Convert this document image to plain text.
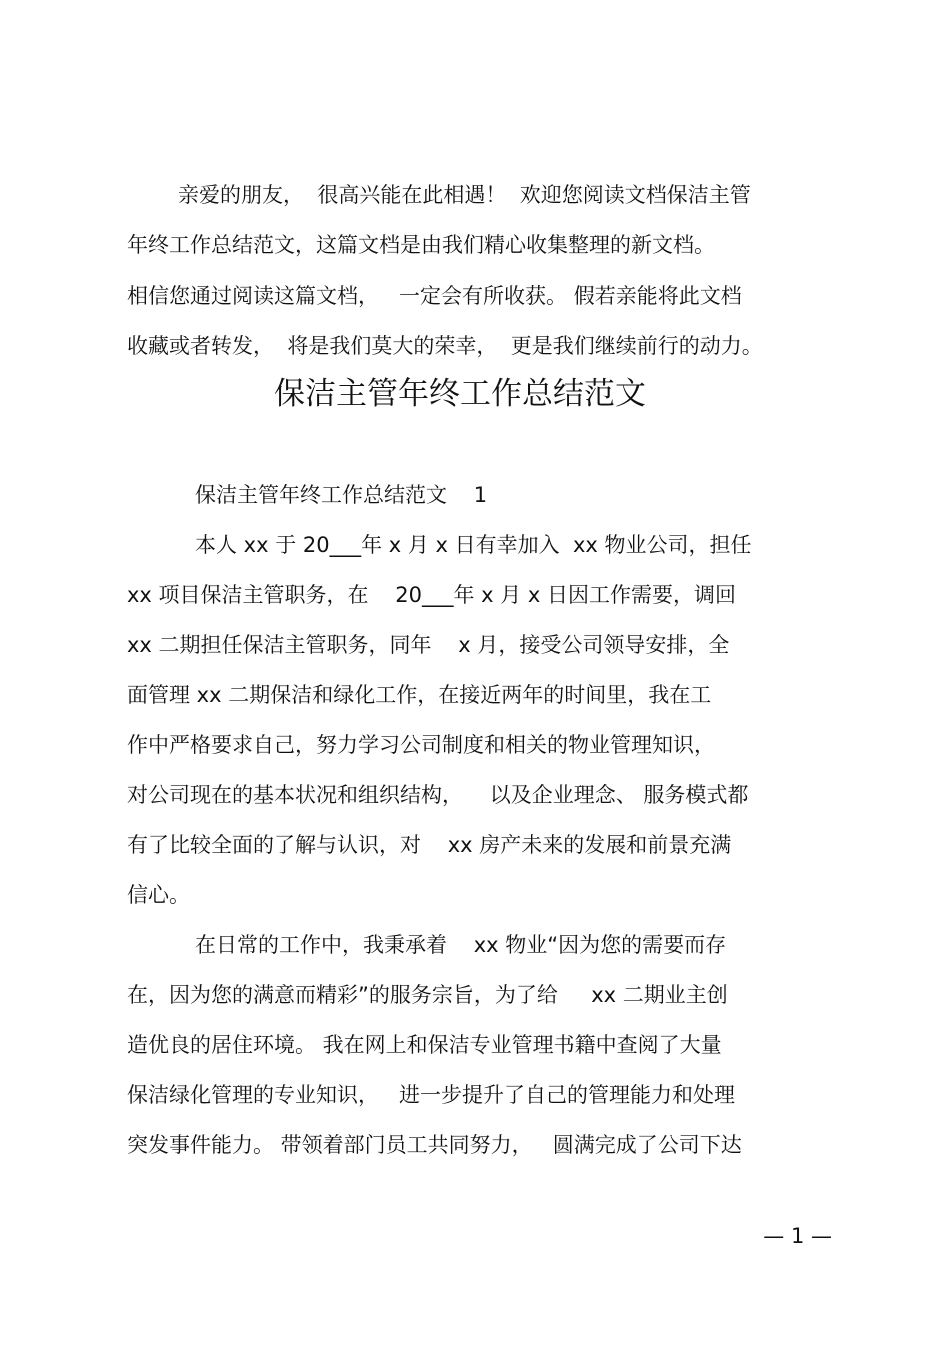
亲爱的朋友，  很高兴能在此相遇！  欢迎您阅读文档保洁主管
年终工作总结范文，这篇文档是由我们精心收集整理的新文档。
相信您通过阅读这篇文档，   一定会有所收获。 假若亲能将此文档
收藏或者转发，  将是我们莫大的荣幸，  更是我们继续前行的动力。
保洁主管年终工作总结范文
保洁主管年终工作总结范文    1
本人 xx 于 20___年 x 月 x 日有幸加入  xx 物业公司，担任
xx 项目保洁主管职务，在    20___年 x 月 x 日因工作需要，调回
xx 二期担任保洁主管职务，同年    x 月，接受公司领导安排，全
面管理 xx 二期保洁和绿化工作，在接近两年的时间里，我在工
作中严格要求自己，努力学习公司制度和相关的物业管理知识，
对公司现在的基本状况和组织结构，    以及企业理念、 服务模式都
有了比较全面的了解与认识，对    xx 房产未来的发展和前景充满
信心。
在日常的工作中，我秉承着    xx 物业“因为您的需要而存
在，因为您的满意而精彩”的服务宗旨，为了给     xx 二期业主创
造优良的居住环境。 我在网上和保洁专业管理书籍中查阅了大量
保洁绿化管理的专业知识，   进一步提升了自己的管理能力和处理
突发事件能力。 带领着部门员工共同努力，   圆满完成了公司下达
— 1 —
